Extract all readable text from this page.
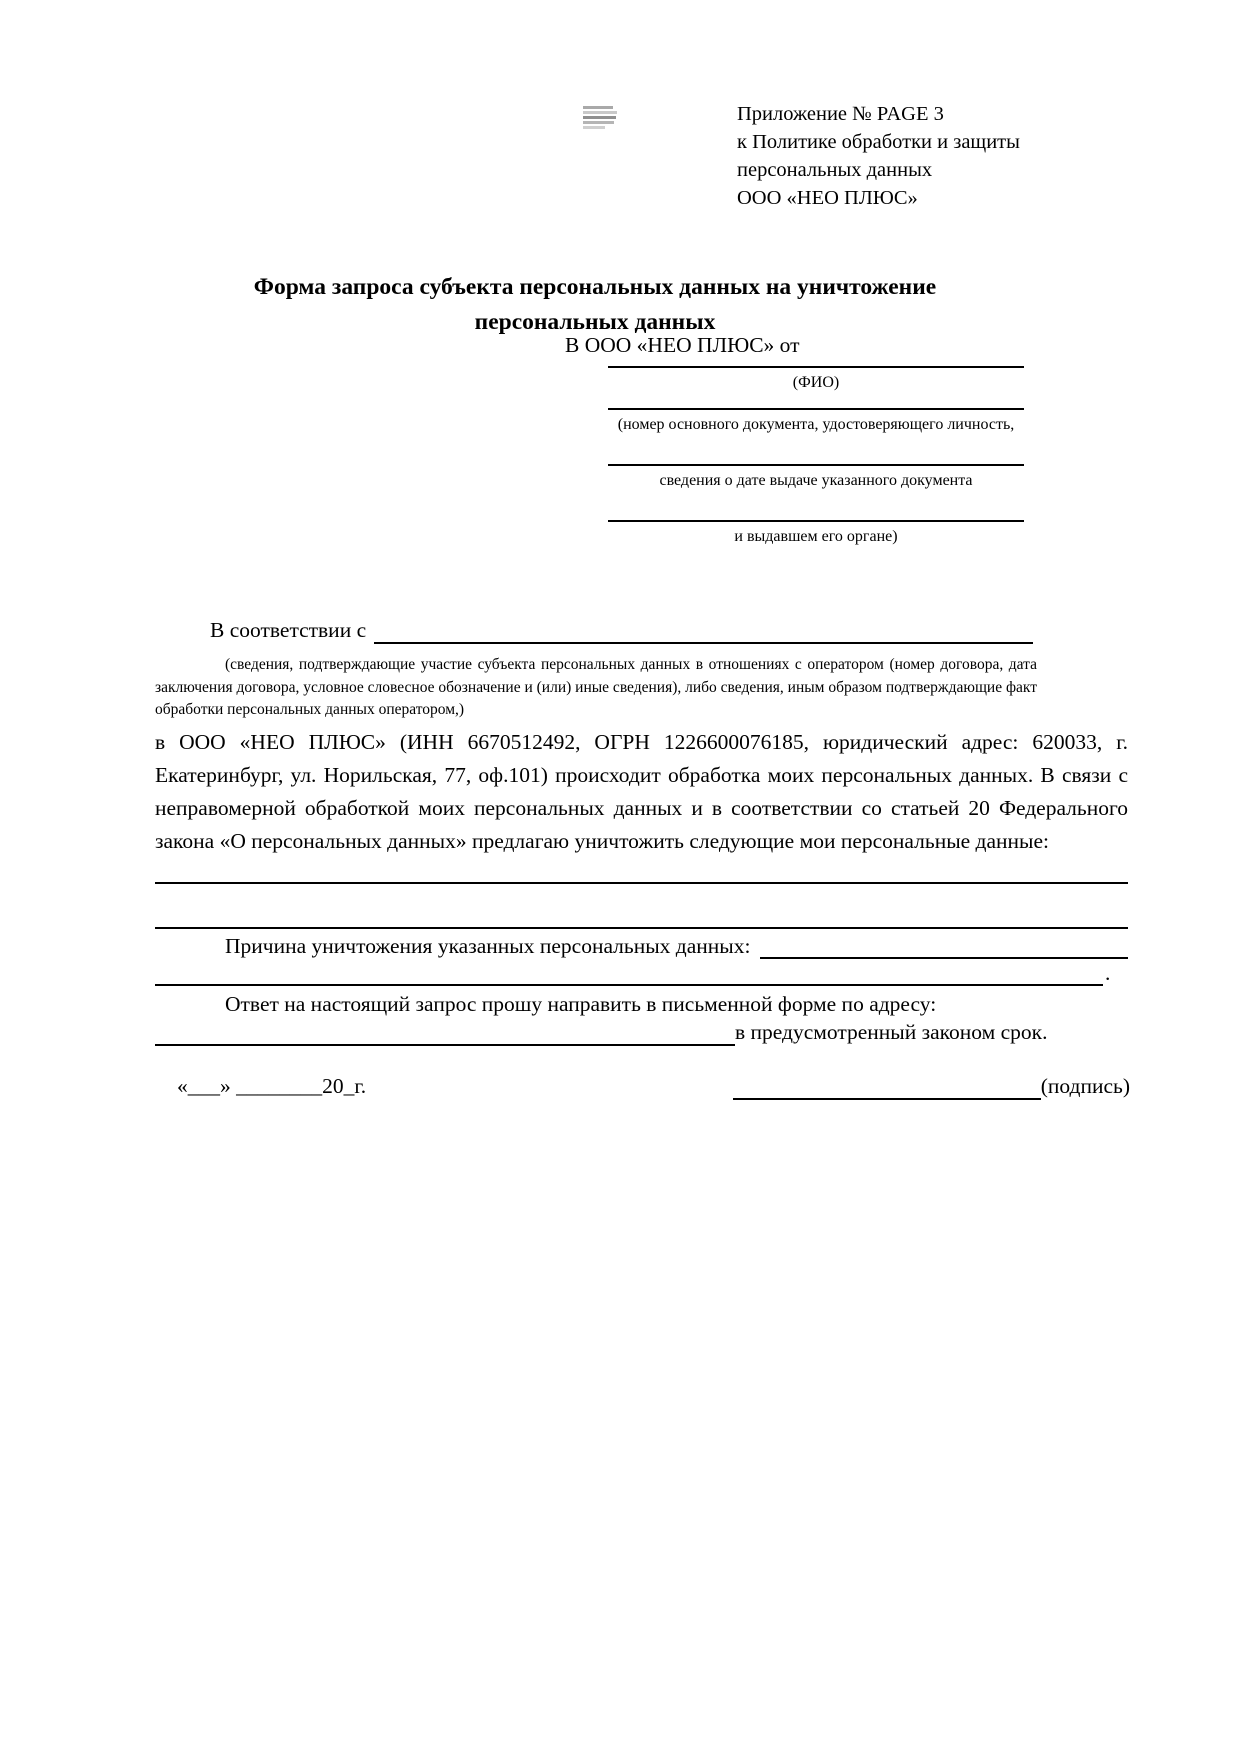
Приложение № PAGE 3
к Политике обработки и защиты
персональных данных
ООО «НЕО ПЛЮС»
Форма запроса субъекта персональных данных на уничтожение
персональных данных
В ООО «НЕО ПЛЮС» от
(ФИО)
(номер основного документа, удостоверяющего личность,
сведения о дате выдаче указанного документа
и выдавшем его органе)
В соответствии с
(сведения, подтверждающие участие субъекта персональных данных в отношениях с оператором (номер договора, дата заключения договора, условное словесное обозначение и (или) иные сведения), либо сведения, иным образом подтверждающие факт обработки персональных данных оператором,)
в ООО «НЕО ПЛЮС» (ИНН 6670512492, ОГРН 1226600076185, юридический адрес: 620033, г. Екатеринбург, ул. Норильская, 77, оф.101) происходит обработка моих персональных данных. В связи с неправомерной обработкой моих персональных данных и в соответствии со статьей 20 Федерального закона «О персональных данных» предлагаю уничтожить следующие мои персональные данные:
Причина уничтожения указанных персональных данных:
.
Ответ на настоящий запрос прошу направить в письменной форме по адресу:
в предусмотренный законом срок.
«___» ________20_г.	(подпись)
